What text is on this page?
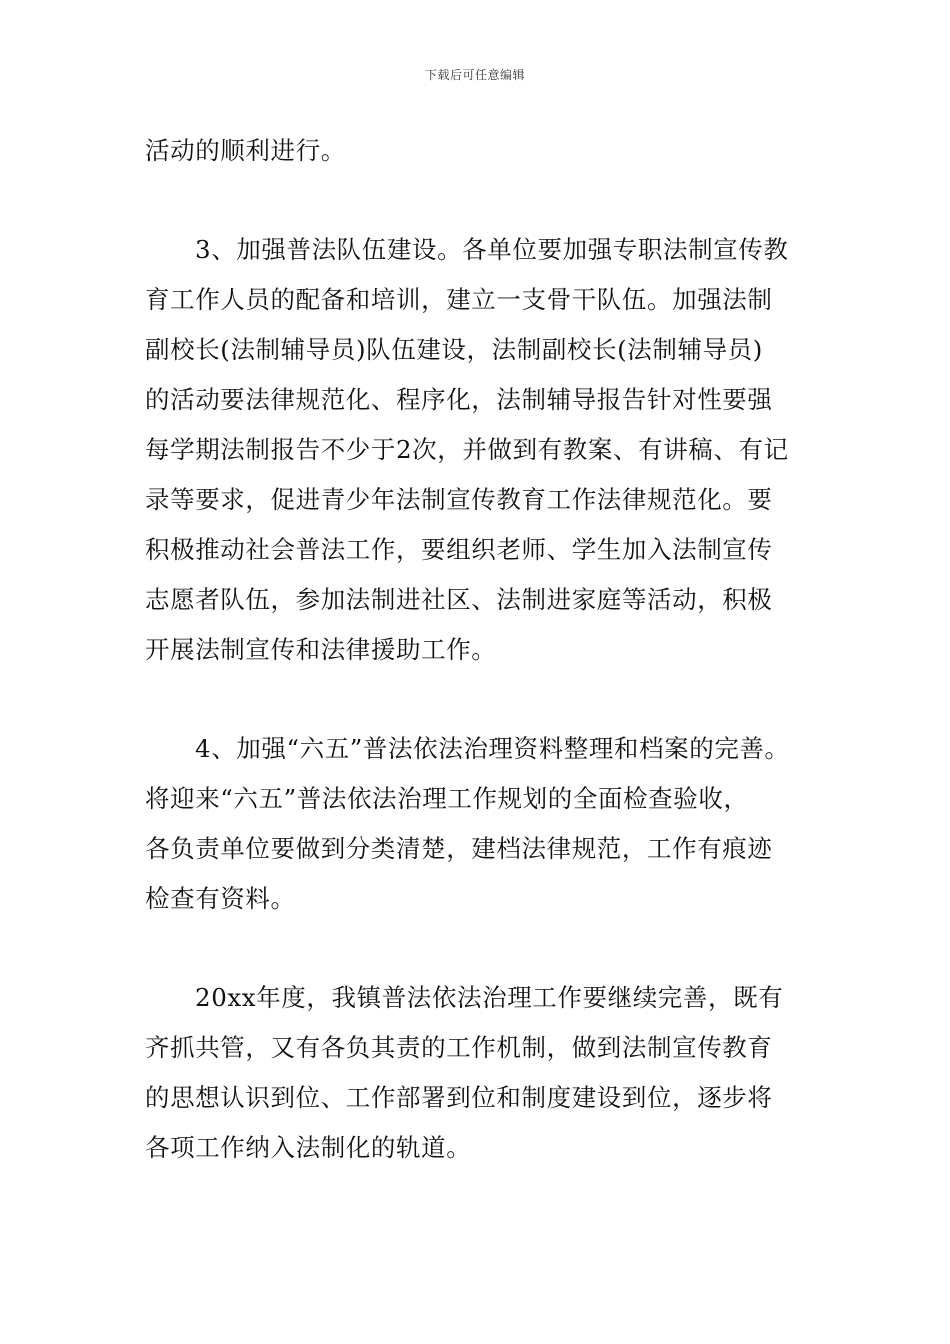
下载后可任意编辑
活动的顺利进行。
3、加强普法队伍建设。各单位要加强专职法制宣传教
育工作人员的配备和培训，建立一支骨干队伍。加强法制
副校长(法制辅导员)队伍建设，法制副校长(法制辅导员)
的活动要法律规范化、程序化，法制辅导报告针对性要强
每学期法制报告不少于2次，并做到有教案、有讲稿、有记
录等要求，促进青少年法制宣传教育工作法律规范化。要
积极推动社会普法工作，要组织老师、学生加入法制宣传
志愿者队伍，参加法制进社区、法制进家庭等活动，积极
开展法制宣传和法律援助工作。
4、加强“六五”普法依法治理资料整理和档案的完善。
将迎来“六五”普法依法治理工作规划的全面检查验收，
各负责单位要做到分类清楚，建档法律规范，工作有痕迹
检查有资料。
20xx年度，我镇普法依法治理工作要继续完善，既有
齐抓共管，又有各负其责的工作机制，做到法制宣传教育
的思想认识到位、工作部署到位和制度建设到位，逐步将
各项工作纳入法制化的轨道。
